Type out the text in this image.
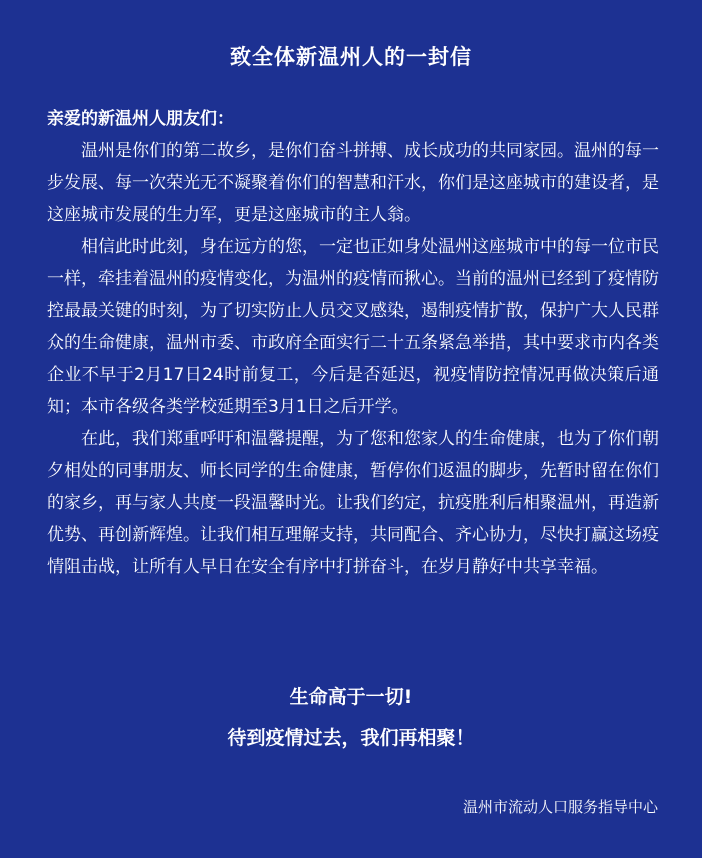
致全体新温州人的一封信

亲爱的新温州人朋友们：

温州是你们的第二故乡，是你们奋斗拼搏、成长成功的共同家园。温州的每一步发展、每一次荣光无不凝聚着你们的智慧和汗水，你们是这座城市的建设者，是这座城市发展的生力军，更是这座城市的主人翁。

相信此时此刻，身在远方的您，一定也正如身处温州这座城市中的每一位市民一样，牵挂着温州的疫情变化，为温州的疫情而揪心。当前的温州已经到了疫情防控最最关键的时刻，为了切实防止人员交叉感染，遏制疫情扩散，保护广大人民群众的生命健康，温州市委、市政府全面实行二十五条紧急举措，其中要求市内各类企业不早于2月17日24时前复工，今后是否延迟，视疫情防控情况再做决策后通知；本市各级各类学校延期至3月1日之后开学。

在此，我们郑重呼吁和温馨提醒，为了您和您家人的生命健康，也为了你们朝夕相处的同事朋友、师长同学的生命健康，暂停你们返温的脚步，先暂时留在你们的家乡，再与家人共度一段温馨时光。让我们约定，抗疫胜利后相聚温州，再造新优势、再创新辉煌。让我们相互理解支持，共同配合、齐心协力，尽快打赢这场疫情阻击战，让所有人早日在安全有序中打拼奋斗，在岁月静好中共享幸福。

生命高于一切!
待到疫情过去，我们再相聚！
温州市流动人口服务指导中心
